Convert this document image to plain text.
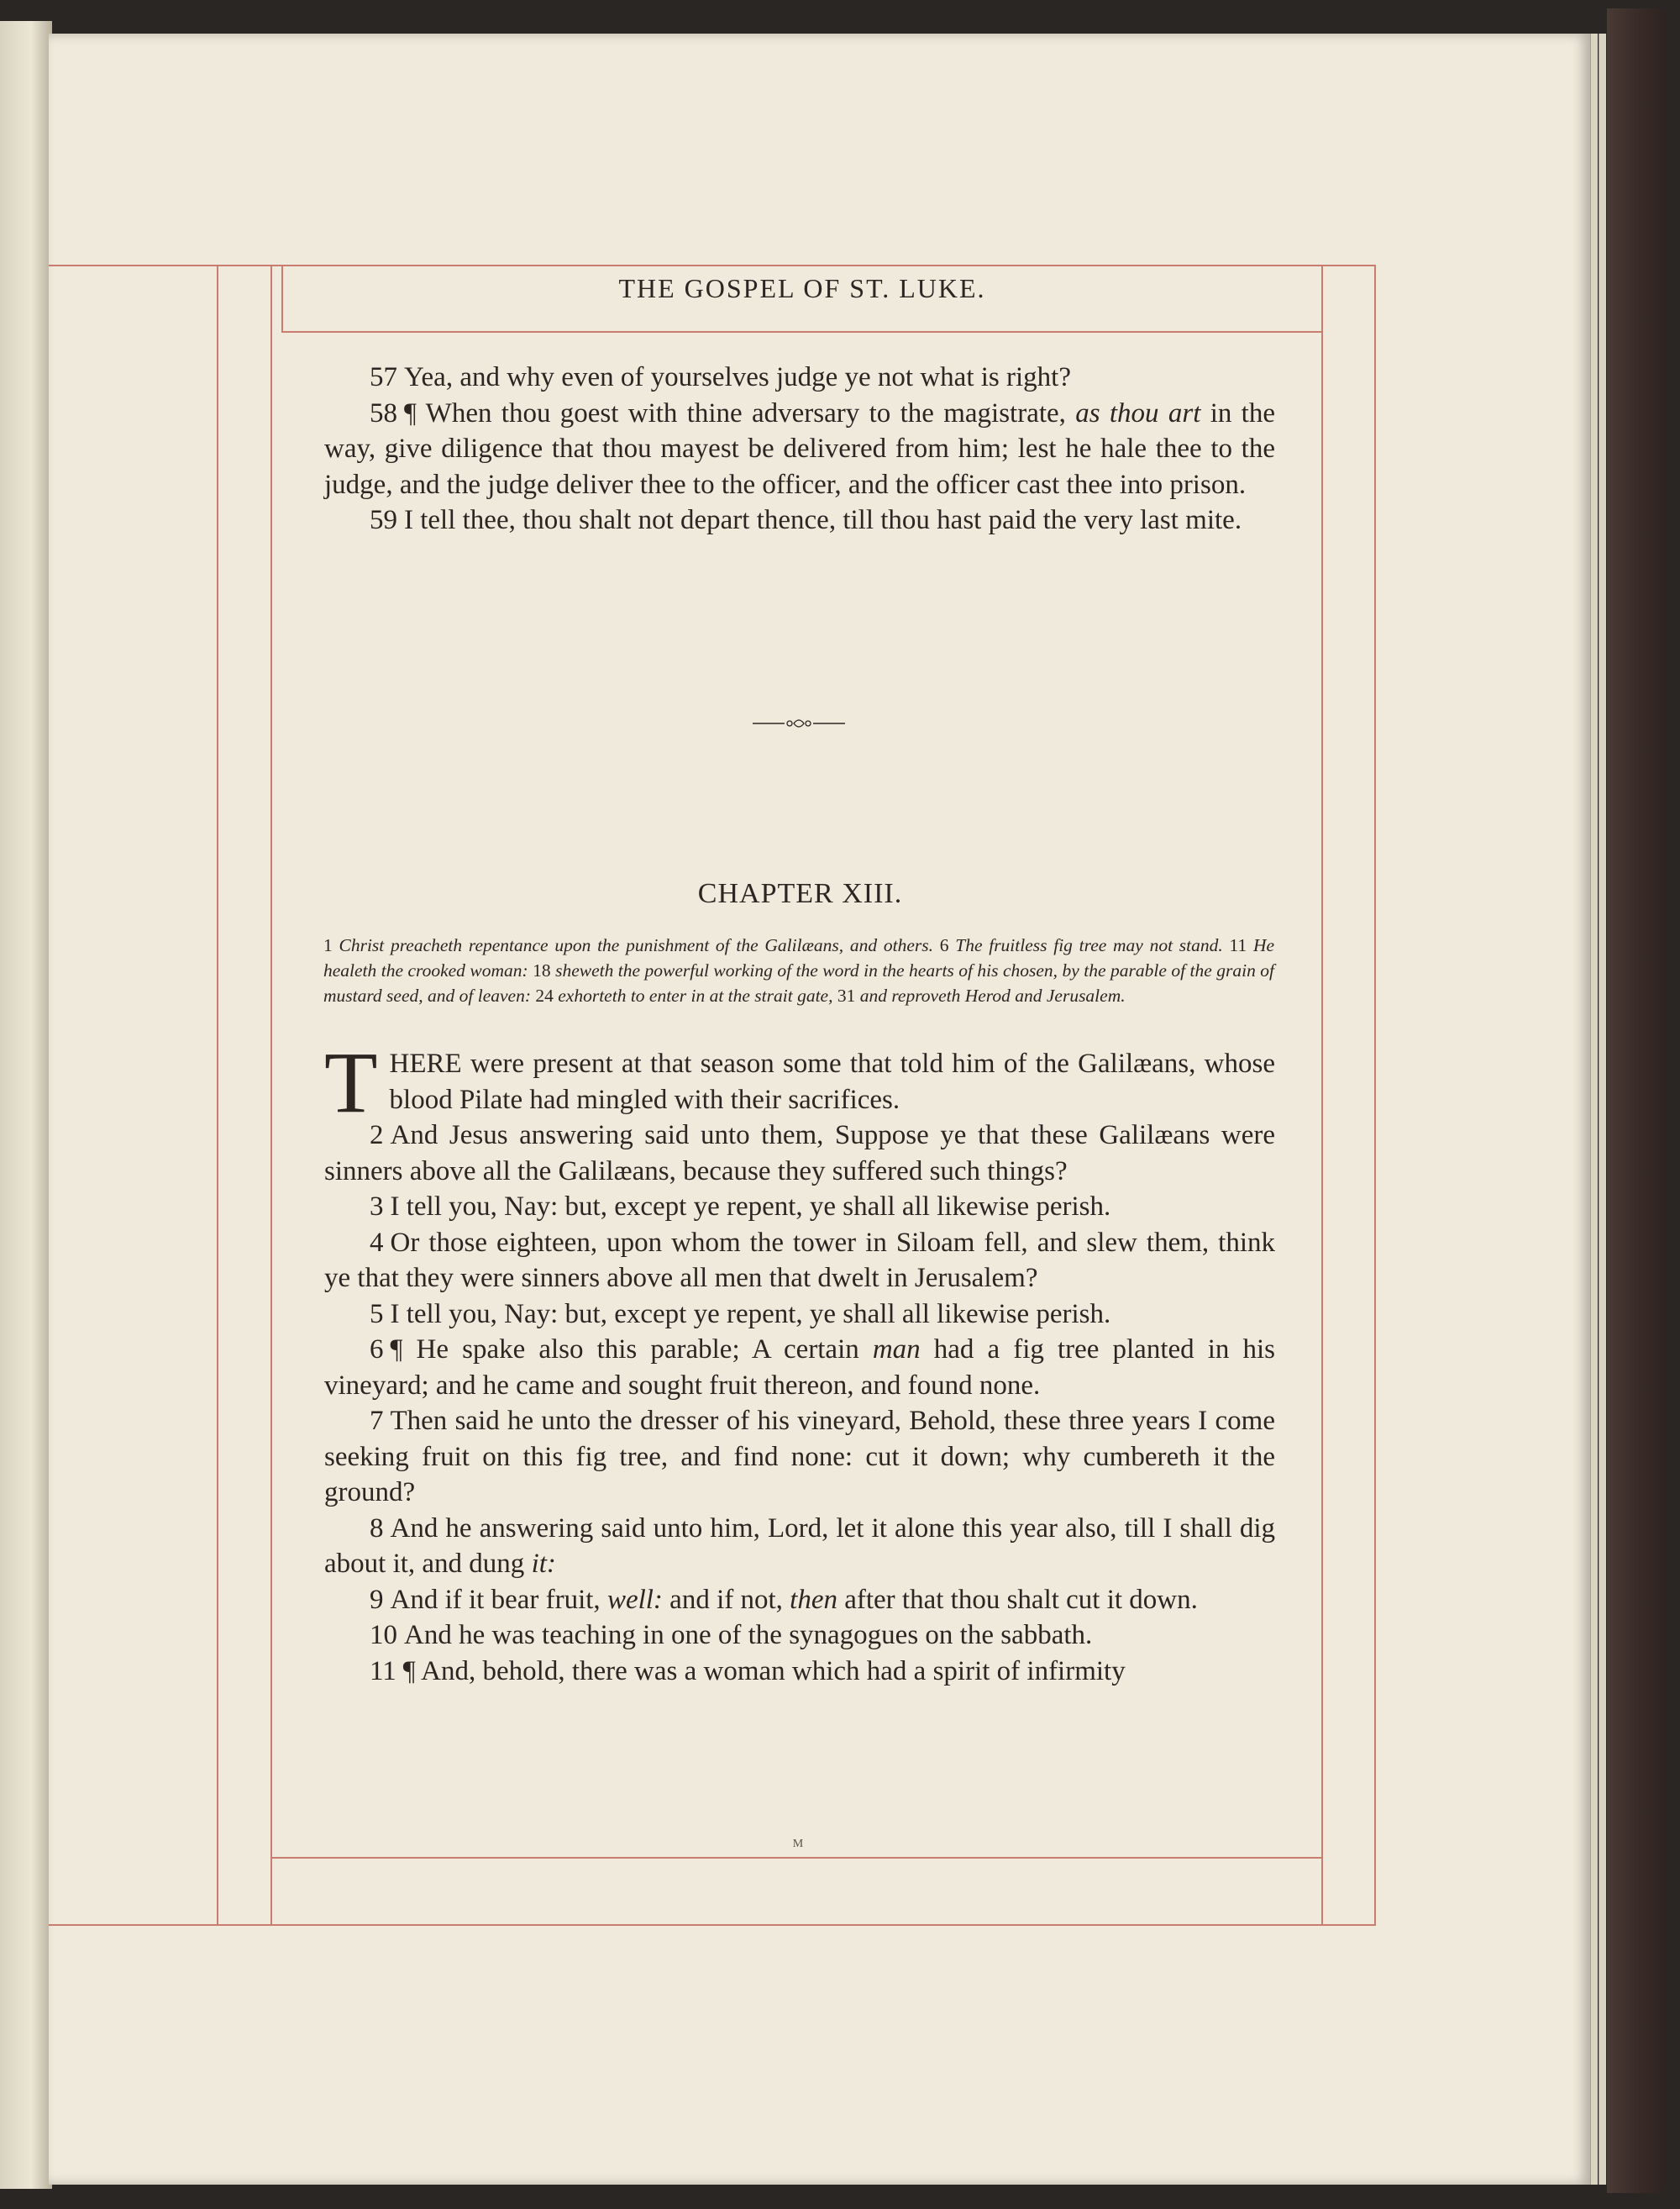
THE GOSPEL OF ST. LUKE.

57 Yea, and why even of yourselves judge ye not what is right?

58 ¶ When thou goest with thine adversary to the magistrate, as thou art in the way, give diligence that thou mayest be delivered from him; lest he hale thee to the judge, and the judge deliver thee to the officer, and the officer cast thee into prison.

59 I tell thee, thou shalt not depart thence, till thou hast paid the very last mite.

CHAPTER XIII.
1 Christ preacheth repentance upon the punishment of the Galilæans, and others. 6 The fruitless fig tree may not stand. 11 He healeth the crooked woman: 18 sheweth the powerful working of the word in the hearts of his chosen, by the parable of the grain of mustard seed, and of leaven: 24 exhorteth to enter in at the strait gate, 31 and reproveth Herod and Jerusalem.

THERE were present at that season some that told him of the Galilæans, whose blood Pilate had mingled with their sacrifices.

2 And Jesus answering said unto them, Suppose ye that these Galilæans were sinners above all the Galilæans, because they suffered such things?

3 I tell you, Nay: but, except ye repent, ye shall all likewise perish.

4 Or those eighteen, upon whom the tower in Siloam fell, and slew them, think ye that they were sinners above all men that dwelt in Jerusalem?

5 I tell you, Nay: but, except ye repent, ye shall all likewise perish.

6 ¶ He spake also this parable; A certain man had a fig tree planted in his vineyard; and he came and sought fruit thereon, and found none.

7 Then said he unto the dresser of his vineyard, Behold, these three years I come seeking fruit on this fig tree, and find none: cut it down; why cumbereth it the ground?

8 And he answering said unto him, Lord, let it alone this year also, till I shall dig about it, and dung it:

9 And if it bear fruit, well: and if not, then after that thou shalt cut it down.

10 And he was teaching in one of the synagogues on the sabbath.

11 ¶ And, behold, there was a woman which had a spirit of infirmity

M
